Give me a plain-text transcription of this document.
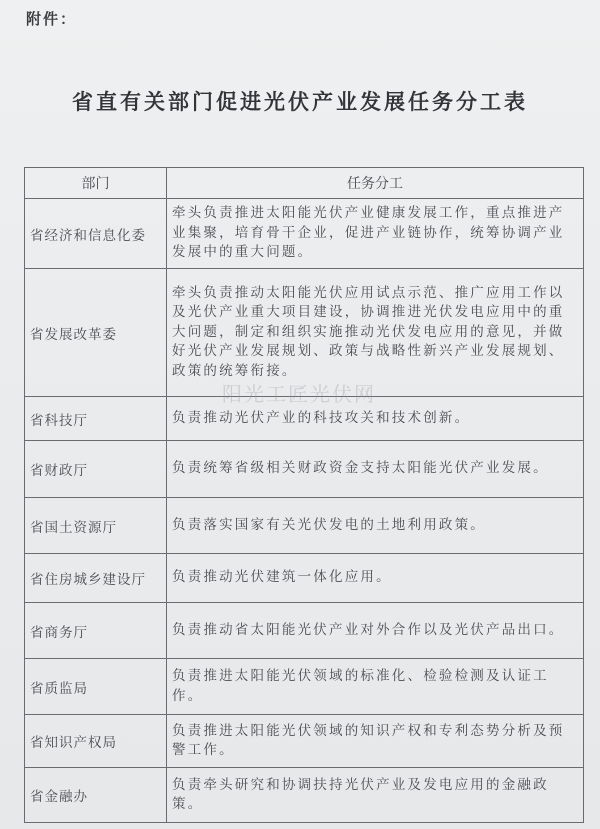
附件：
省直有关部门促进光伏产业发展任务分工表
部门	任务分工
省经济和信息化委	牵头负责推进太阳能光伏产业健康发展工作，重点推进产业集聚，培育骨干企业，促进产业链协作，统筹协调产业发展中的重大问题。
省发展改革委	牵头负责推动太阳能光伏应用试点示范、推广应用工作以及光伏产业重大项目建设，协调推进光伏发电应用中的重大问题，制定和组织实施推动光伏发电应用的意见，并做好光伏产业发展规划、政策与战略性新兴产业发展规划、政策的统筹衔接。
省科技厅	负责推动光伏产业的科技攻关和技术创新。
省财政厅	负责统筹省级相关财政资金支持太阳能光伏产业发展。
省国土资源厅	负责落实国家有关光伏发电的土地利用政策。
省住房城乡建设厅	负责推动光伏建筑一体化应用。
省商务厅	负责推动省太阳能光伏产业对外合作以及光伏产品出口。
省质监局	负责推进太阳能光伏领域的标准化、检验检测及认证工作。
省知识产权局	负责推进太阳能光伏领域的知识产权和专利态势分析及预警工作。
省金融办	负责牵头研究和协调扶持光伏产业及发电应用的金融政策。
阳光工匠光伏网
